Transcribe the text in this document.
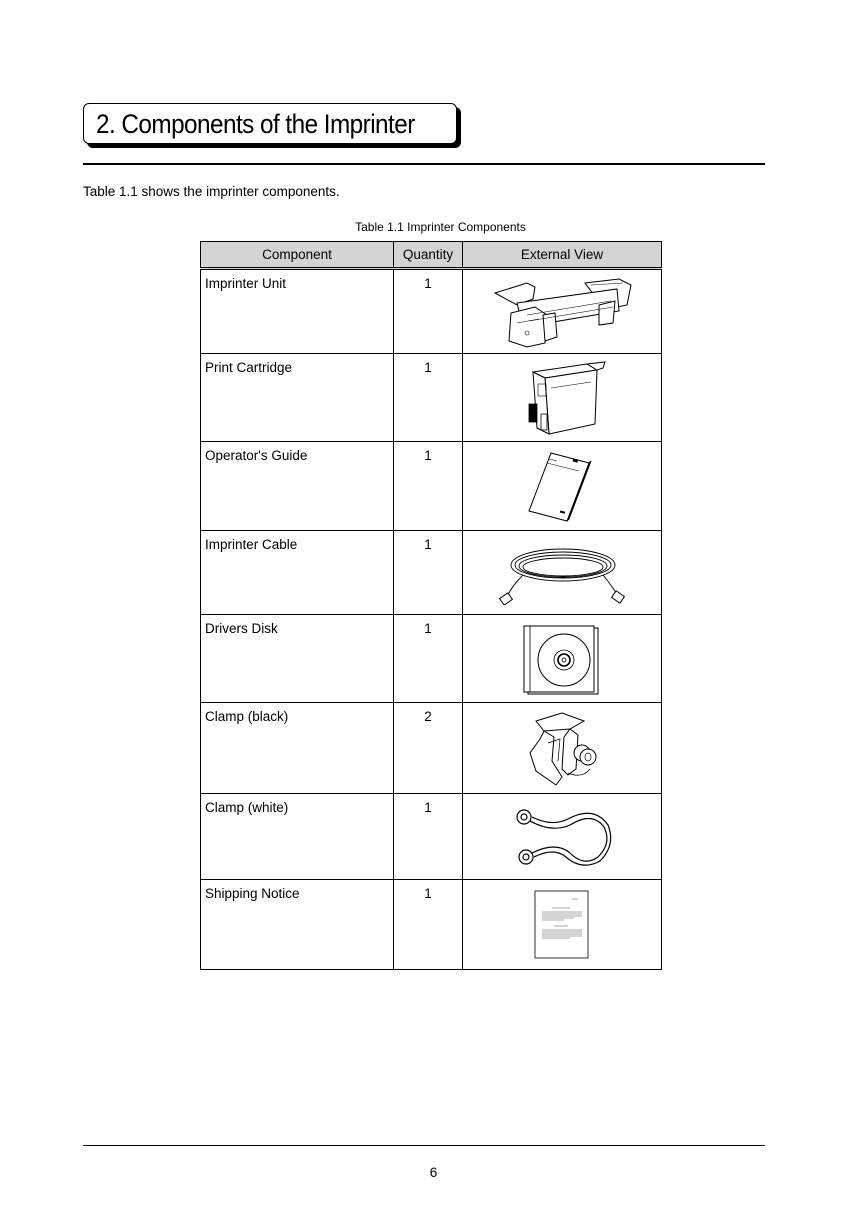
2. Components of the Imprinter
Table 1.1 shows the imprinter components.
Table 1.1 Imprinter Components
Component	Quantity	External View
Imprinter Unit	1	

Print Cartridge	1	

Operator's Guide	1	

Imprinter Cable	1	

Drivers Disk	1	

Clamp (black)	2	

Clamp (white)	1	

Shipping Notice	1	
6
